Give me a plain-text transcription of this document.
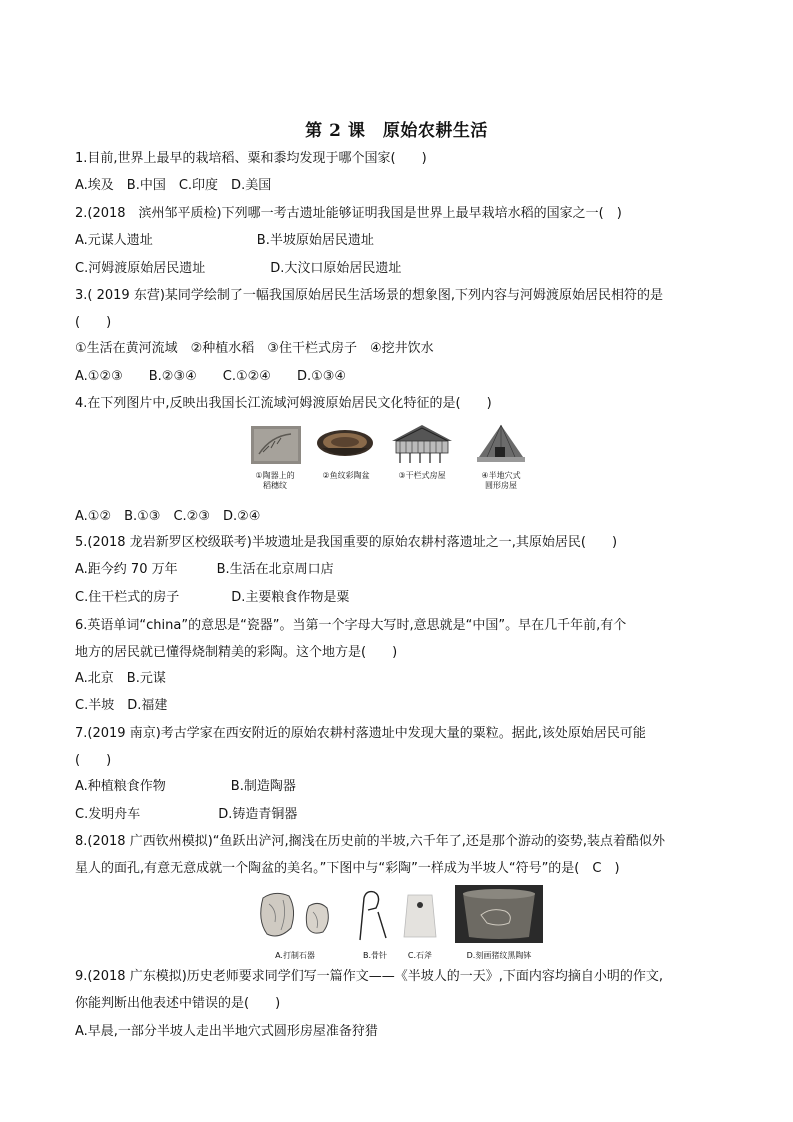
第 2 课　原始农耕生活
1.目前,世界上最早的栽培稻、粟和黍均发现于哪个国家(　　)
A.埃及　B.中国　C.印度　D.美国
2.(2018　滨州邹平质检)下列哪一考古遗址能够证明我国是世界上最早栽培水稻的国家之一(　)
A.元谋人遗址　　　　　　　　B.半坡原始居民遗址
C.河姆渡原始居民遗址　　　　　D.大汶口原始居民遗址
3.( 2019 东营)某同学绘制了一幅我国原始居民生活场景的想象图,下列内容与河姆渡原始居民相符的是
(　　)
①生活在黄河流域　②种植水稻　③住干栏式房子　④挖井饮水
A.①②③　　B.②③④　　C.①②④　　D.①③④
4.在下列图片中,反映出我国长江流域河姆渡原始居民文化特征的是(　　)
A.①②　B.①③　C.②③　D.②④
5.(2018 龙岩新罗区校级联考)半坡遗址是我国重要的原始农耕村落遗址之一,其原始居民(　　)
A.距今约 70 万年　　　B.生活在北京周口店
C.住干栏式的房子　　　　D.主要粮食作物是粟
6.英语单词“china”的意思是“瓷器”。当第一个字母大写时,意思就是“中国”。早在几千年前,有个
地方的居民就已懂得烧制精美的彩陶。这个地方是(　　)
A.北京　B.元谋
C.半坡　D.福建
7.(2019 南京)考古学家在西安附近的原始农耕村落遗址中发现大量的粟粒。据此,该处原始居民可能
(　　)
A.种植粮食作物　　　　　B.制造陶器
C.发明舟车　　　　　　D.铸造青铜器
8.(2018 广西钦州模拟)“鱼跃出浐河,搁浅在历史前的半坡,六千年了,还是那个游动的姿势,装点着酷似外
星人的面孔,有意无意成就一个陶盆的美名。”下图中与“彩陶”一样成为半坡人“符号”的是(　C　)
9.(2018 广东模拟)历史老师要求同学们写一篇作文——《半坡人的一天》,下面内容均摘自小明的作文,
你能判断出他表述中错误的是(　　)
A.早晨,一部分半坡人走出半地穴式圆形房屋准备狩猎
①陶器上的
稻穗纹
②鱼纹彩陶盆	③干栏式房屋	④半地穴式
圆形房屋
A.打制石器	B.骨针	C.石斧	D.刻画猪纹黑陶钵
